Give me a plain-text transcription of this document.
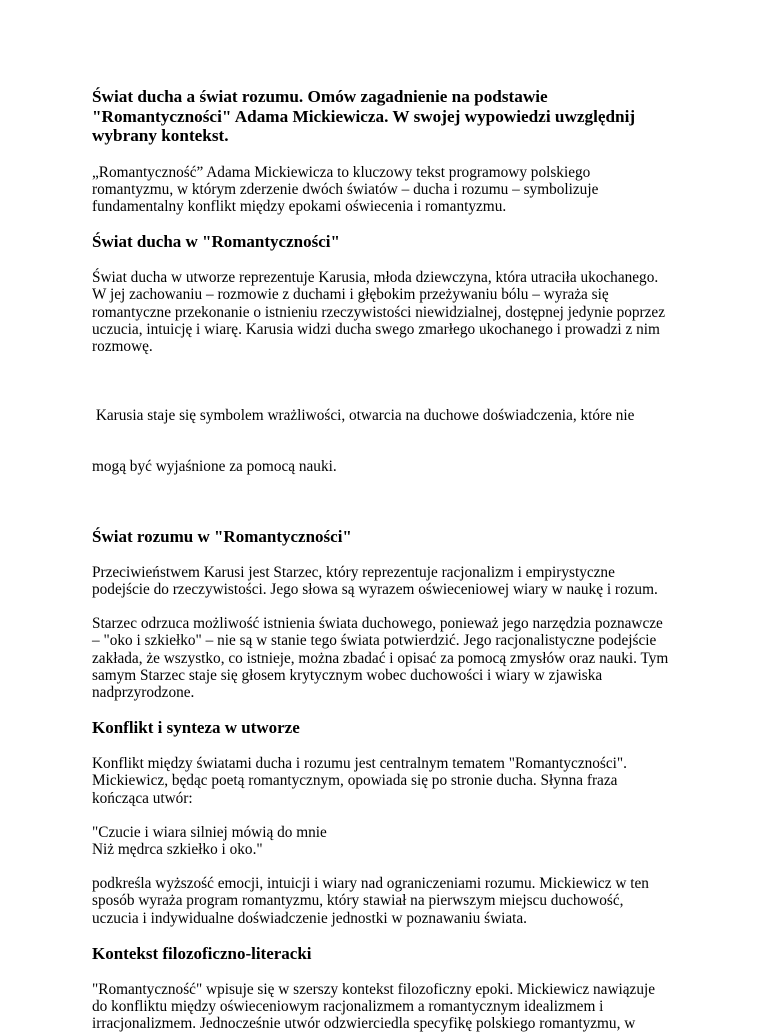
Świat ducha a świat rozumu. Omów zagadnienie na podstawie
"Romantyczności" Adama Mickiewicza. W swojej wypowiedzi uwzględnij
wybrany kontekst.
„Romantyczność” Adama Mickiewicza to kluczowy tekst programowy polskiego
romantyzmu, w którym zderzenie dwóch światów – ducha i rozumu – symbolizuje
fundamentalny konflikt między epokami oświecenia i romantyzmu.
Świat ducha w "Romantyczności"
Świat ducha w utworze reprezentuje Karusia, młoda dziewczyna, która utraciła ukochanego.
W jej zachowaniu – rozmowie z duchami i głębokim przeżywaniu bólu – wyraża się
romantyczne przekonanie o istnieniu rzeczywistości niewidzialnej, dostępnej jedynie poprzez
uczucia, intuicję i wiarę. Karusia widzi ducha swego zmarłego ukochanego i prowadzi z nim
rozmowę.

Karusia staje się symbolem wrażliwości, otwarcia na duchowe doświadczenia, które nie

mogą być wyjaśnione za pomocą nauki.

Świat rozumu w "Romantyczności"
Przeciwieństwem Karusi jest Starzec, który reprezentuje racjonalizm i empirystyczne
podejście do rzeczywistości. Jego słowa są wyrazem oświeceniowej wiary w naukę i rozum.
Starzec odrzuca możliwość istnienia świata duchowego, ponieważ jego narzędzia poznawcze
– "oko i szkiełko" – nie są w stanie tego świata potwierdzić. Jego racjonalistyczne podejście
zakłada, że wszystko, co istnieje, można zbadać i opisać za pomocą zmysłów oraz nauki. Tym
samym Starzec staje się głosem krytycznym wobec duchowości i wiary w zjawiska
nadprzyrodzone.
Konflikt i synteza w utworze
Konflikt między światami ducha i rozumu jest centralnym tematem "Romantyczności".
Mickiewicz, będąc poetą romantycznym, opowiada się po stronie ducha. Słynna fraza
kończąca utwór:
"Czucie i wiara silniej mówią do mnie
Niż mędrca szkiełko i oko."
podkreśla wyższość emocji, intuicji i wiary nad ograniczeniami rozumu. Mickiewicz w ten
sposób wyraża program romantyzmu, który stawiał na pierwszym miejscu duchowość,
uczucia i indywidualne doświadczenie jednostki w poznawaniu świata.
Kontekst filozoficzno-literacki
"Romantyczność" wpisuje się w szerszy kontekst filozoficzny epoki. Mickiewicz nawiązuje
do konfliktu między oświeceniowym racjonalizmem a romantycznym idealizmem i
irracjonalizmem. Jednocześnie utwór odzwierciedla specyfikę polskiego romantyzmu, w
